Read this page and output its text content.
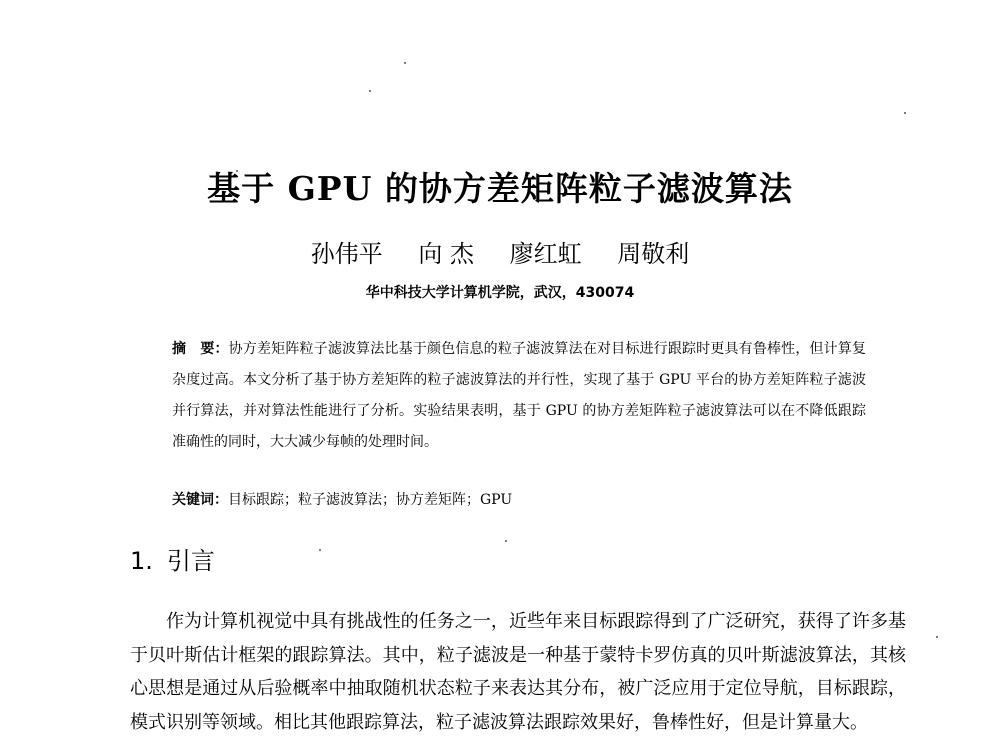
基于 GPU 的协方差矩阵粒子滤波算法
孙伟平 向 杰 廖红虹 周敬利
华中科技大学计算机学院，武汉，430074
摘　要：协方差矩阵粒子滤波算法比基于颜色信息的粒子滤波算法在对目标进行跟踪时更具有鲁棒性，但计算复杂度过高。本文分析了基于协方差矩阵的粒子滤波算法的并行性，实现了基于 GPU 平台的协方差矩阵粒子滤波并行算法，并对算法性能进行了分析。实验结果表明，基于 GPU 的协方差矩阵粒子滤波算法可以在不降低跟踪准确性的同时，大大减少每帧的处理时间。
关键词：目标跟踪；粒子滤波算法；协方差矩阵；GPU
1. 引言
作为计算机视觉中具有挑战性的任务之一，近些年来目标跟踪得到了广泛研究，获得了许多基于贝叶斯估计框架的跟踪算法。其中，粒子滤波是一种基于蒙特卡罗仿真的贝叶斯滤波算法，其核心思想是通过从后验概率中抽取随机状态粒子来表达其分布，被广泛应用于定位导航，目标跟踪，模式识别等领域。相比其他跟踪算法，粒子滤波算法跟踪效果好，鲁棒性好，但是计算量大。
